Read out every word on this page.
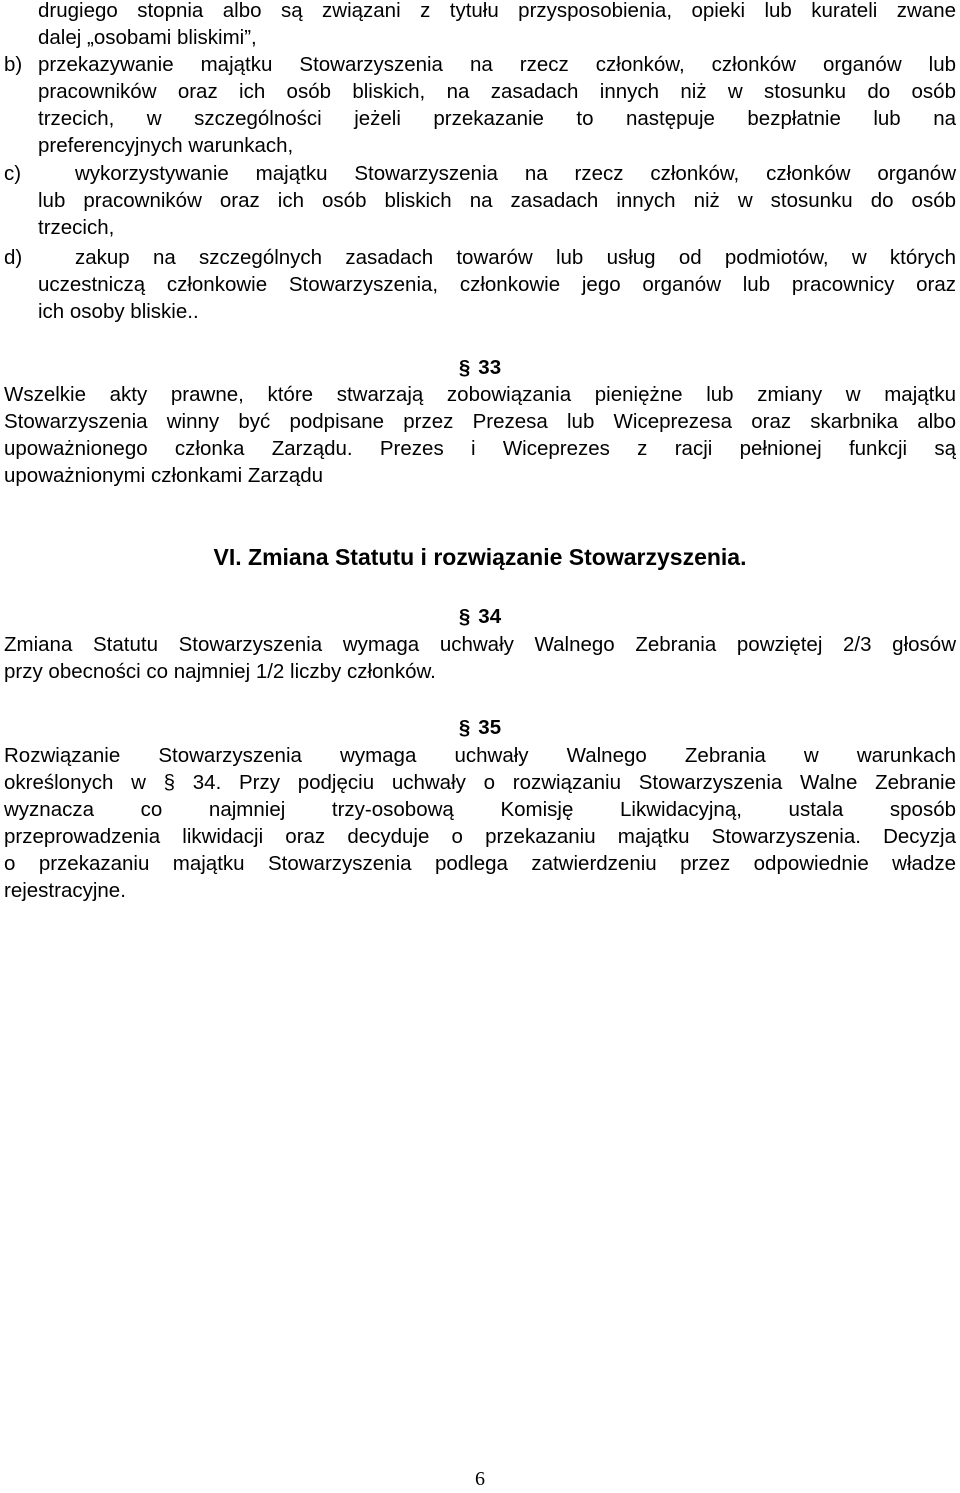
drugiego stopnia albo są związani z tytułu przysposobienia, opieki lub kurateli zwane
dalej „osobami bliskimi”,
b) przekazywanie majątku Stowarzyszenia na rzecz członków, członków organów lub
pracowników oraz ich osób bliskich, na zasadach innych niż w stosunku do osób
trzecich, w szczególności jeżeli przekazanie to następuje bezpłatnie lub na
preferencyjnych warunkach,
c)	wykorzystywanie majątku Stowarzyszenia na rzecz członków, członków organów
lub pracowników oraz ich osób bliskich na zasadach innych niż w stosunku do osób
trzecich,
d)	zakup na szczególnych zasadach towarów lub usług od podmiotów, w których
uczestniczą członkowie Stowarzyszenia, członkowie jego organów lub pracownicy oraz
ich osoby bliskie..
§ 33
Wszelkie akty prawne, które stwarzają zobowiązania pieniężne lub zmiany w majątku
Stowarzyszenia winny być podpisane przez Prezesa lub Wiceprezesa oraz skarbnika albo
upoważnionego członka Zarządu. Prezes i Wiceprezes z racji pełnionej funkcji są
upoważnionymi członkami Zarządu
VI. Zmiana Statutu i rozwiązanie Stowarzyszenia.
§ 34
Zmiana Statutu Stowarzyszenia wymaga uchwały Walnego Zebrania powziętej 2/3 głosów
przy obecności co najmniej 1/2 liczby członków.
§ 35
Rozwiązanie Stowarzyszenia wymaga uchwały Walnego Zebrania w warunkach
określonych w § 34. Przy podjęciu uchwały o rozwiązaniu Stowarzyszenia Walne Zebranie
wyznacza co najmniej trzy-osobową Komisję Likwidacyjną, ustala sposób
przeprowadzenia likwidacji oraz decyduje o przekazaniu majątku Stowarzyszenia. Decyzja
o przekazaniu majątku Stowarzyszenia podlega zatwierdzeniu przez odpowiednie władze
rejestracyjne.
6
